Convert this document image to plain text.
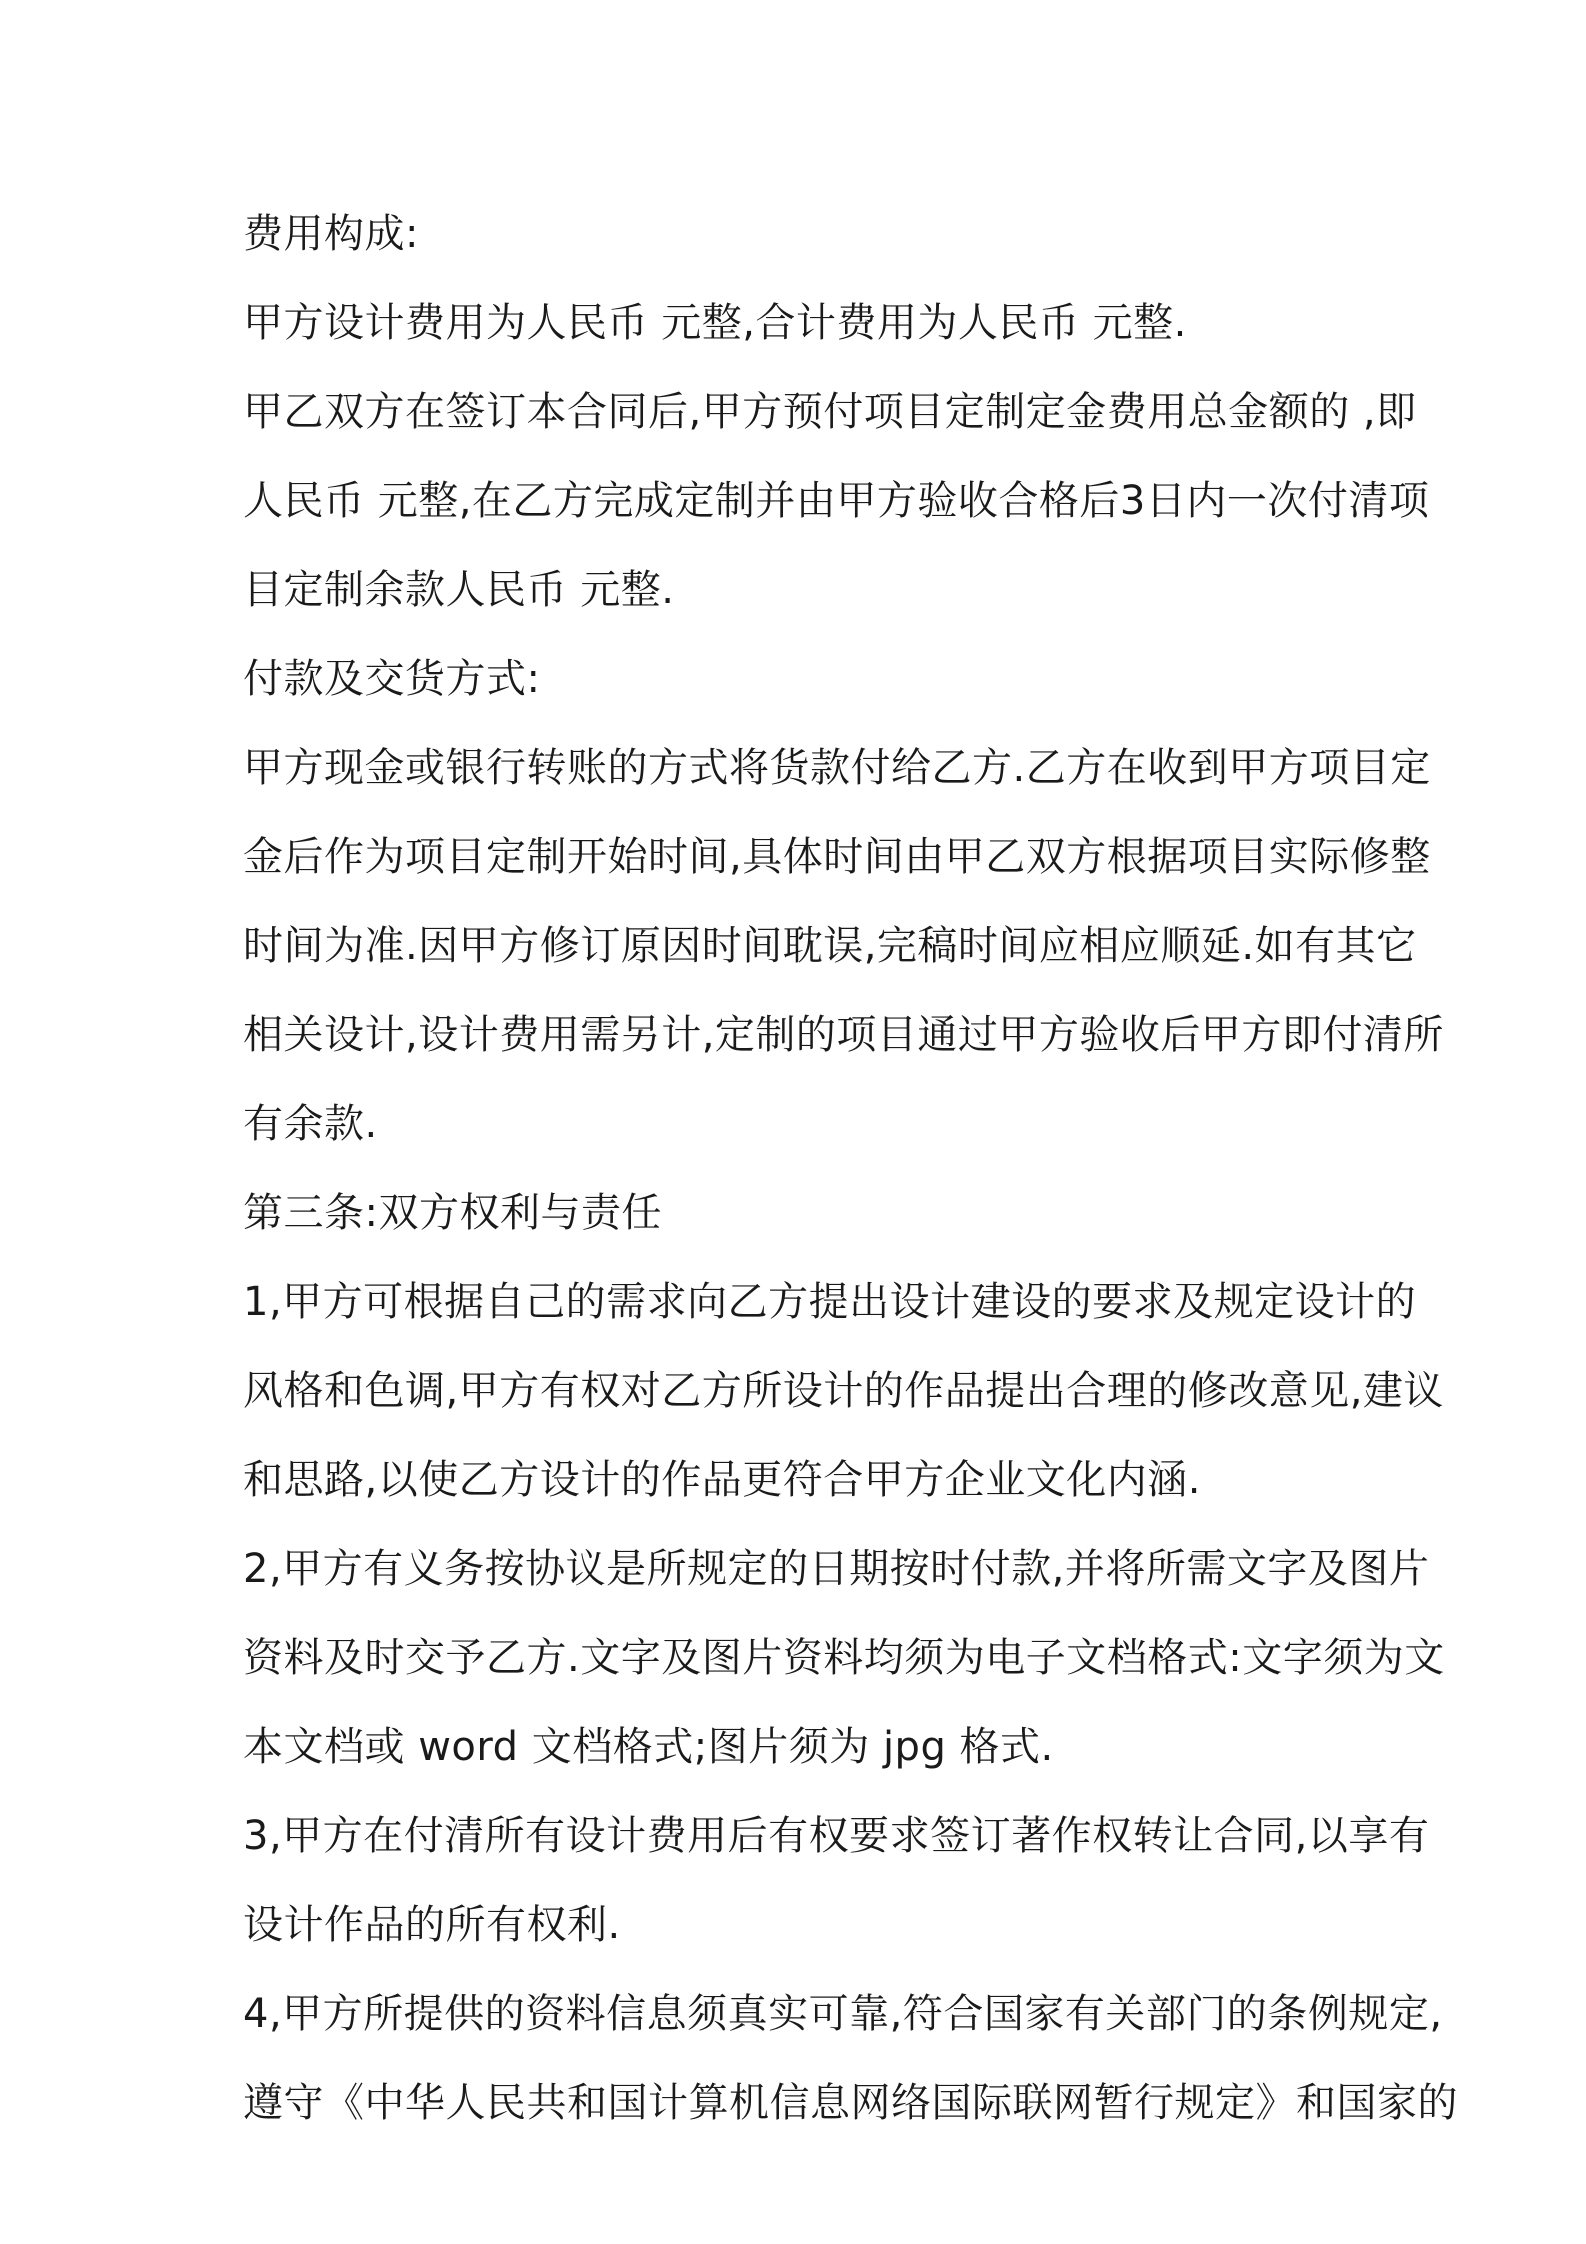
费用构成:

甲方设计费用为人民币 元整,合计费用为人民币 元整.

甲乙双方在签订本合同后,甲方预付项目定制定金费用总金额的 ,即

人民币 元整,在乙方完成定制并由甲方验收合格后3日内一次付清项

目定制余款人民币 元整.

付款及交货方式:

甲方现金或银行转账的方式将货款付给乙方.乙方在收到甲方项目定

金后作为项目定制开始时间,具体时间由甲乙双方根据项目实际修整

时间为准.因甲方修订原因时间耽误,完稿时间应相应顺延.如有其它

相关设计,设计费用需另计,定制的项目通过甲方验收后甲方即付清所

有余款.

第三条:双方权利与责任

1,甲方可根据自己的需求向乙方提出设计建设的要求及规定设计的

风格和色调,甲方有权对乙方所设计的作品提出合理的修改意见,建议

和思路,以使乙方设计的作品更符合甲方企业文化内涵.

2,甲方有义务按协议是所规定的日期按时付款,并将所需文字及图片

资料及时交予乙方.文字及图片资料均须为电子文档格式:文字须为文

本文档或 word 文档格式;图片须为 jpg 格式.

3,甲方在付清所有设计费用后有权要求签订著作权转让合同,以享有

设计作品的所有权利.

4,甲方所提供的资料信息须真实可靠,符合国家有关部门的条例规定,

遵守《中华人民共和国计算机信息网络国际联网暂行规定》和国家的
